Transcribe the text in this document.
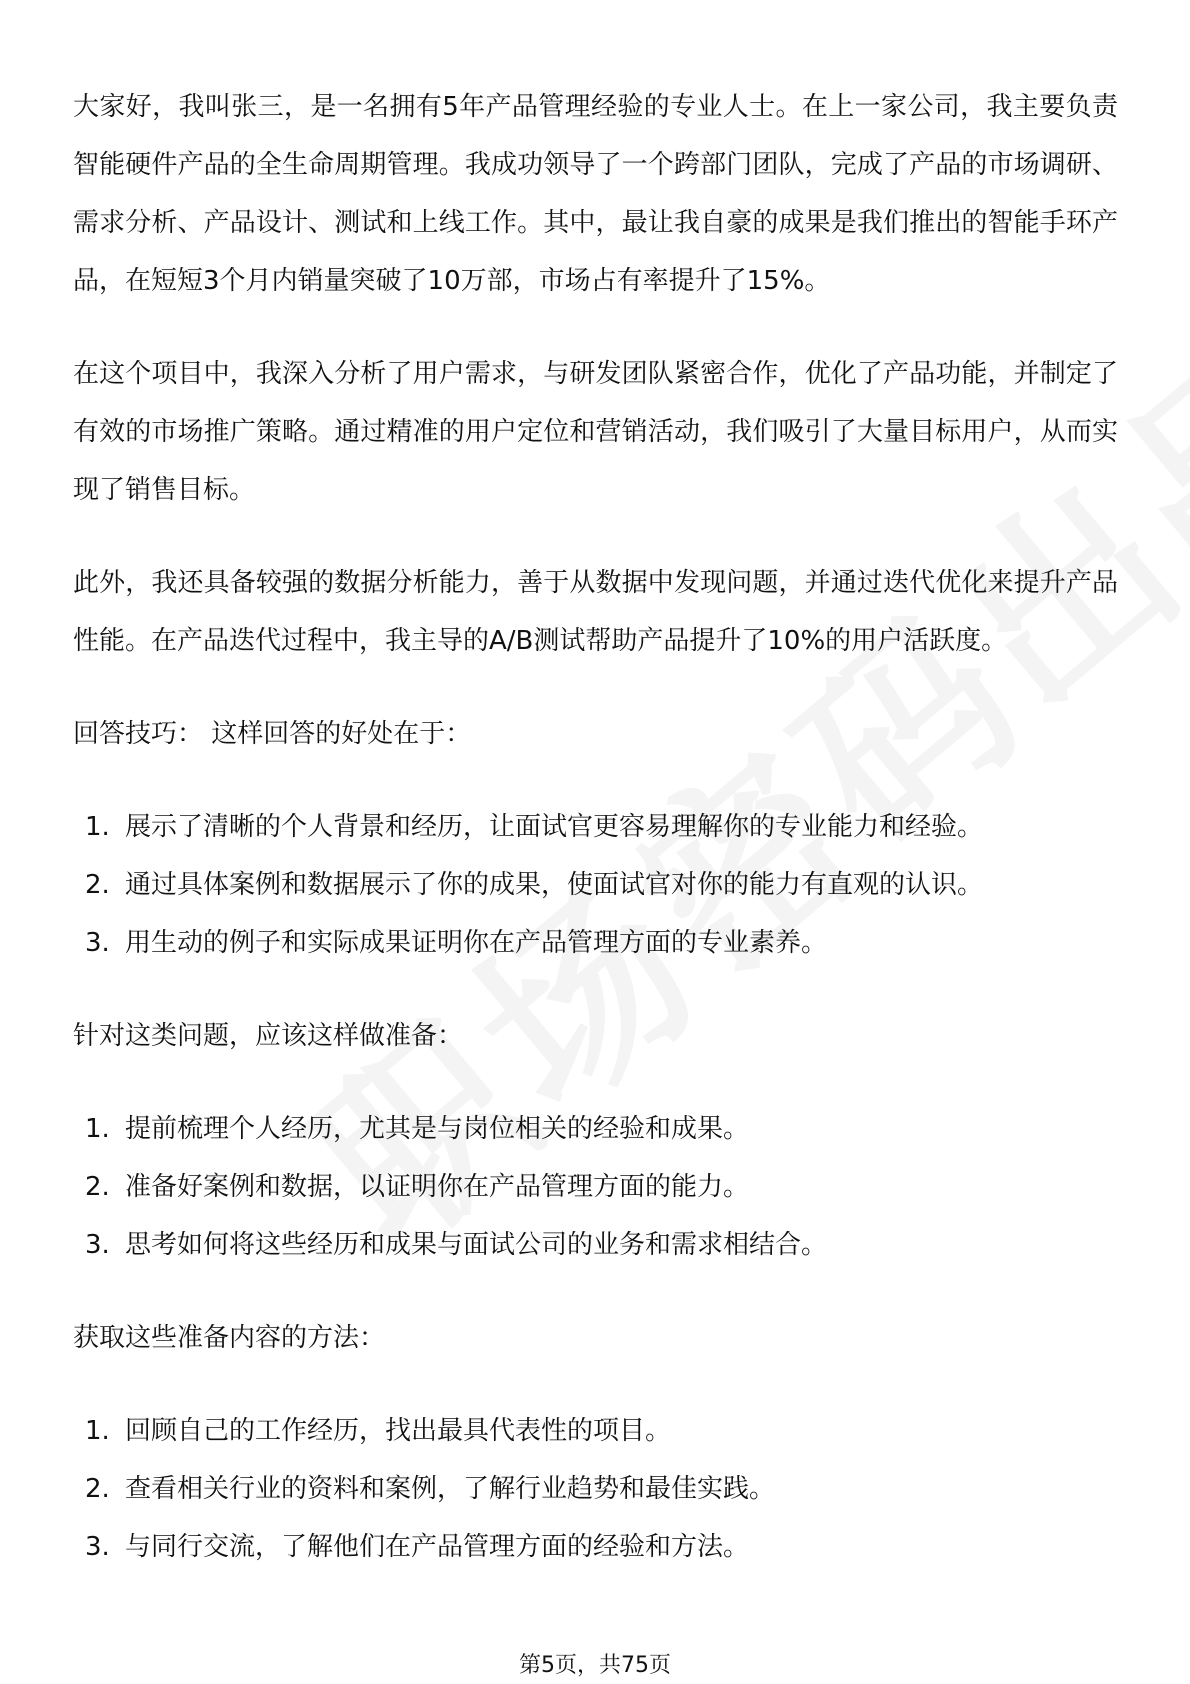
大家好，我叫张三，是一名拥有5年产品管理经验的专业人士。在上一家公司，我主要负责智能硬件产品的全生命周期管理。我成功领导了一个跨部门团队，完成了产品的市场调研、需求分析、产品设计、测试和上线工作。其中，最让我自豪的成果是我们推出的智能手环产品，在短短3个月内销量突破了10万部，市场占有率提升了15%。

在这个项目中，我深入分析了用户需求，与研发团队紧密合作，优化了产品功能，并制定了有效的市场推广策略。通过精准的用户定位和营销活动，我们吸引了大量目标用户，从而实现了销售目标。

此外，我还具备较强的数据分析能力，善于从数据中发现问题，并通过迭代优化来提升产品性能。在产品迭代过程中，我主导的A/B测试帮助产品提升了10%的用户活跃度。

回答技巧： 这样回答的好处在于：

1. 展示了清晰的个人背景和经历，让面试官更容易理解你的专业能力和经验。
2. 通过具体案例和数据展示了你的成果，使面试官对你的能力有直观的认识。
3. 用生动的例子和实际成果证明你在产品管理方面的专业素养。

针对这类问题，应该这样做准备：

1. 提前梳理个人经历，尤其是与岗位相关的经验和成果。
2. 准备好案例和数据，以证明你在产品管理方面的能力。
3. 思考如何将这些经历和成果与面试公司的业务和需求相结合。

获取这些准备内容的方法：

1. 回顾自己的工作经历，找出最具代表性的项目。
2. 查看相关行业的资料和案例，了解行业趋势和最佳实践。
3. 与同行交流，了解他们在产品管理方面的经验和方法。
第5页，共75页
